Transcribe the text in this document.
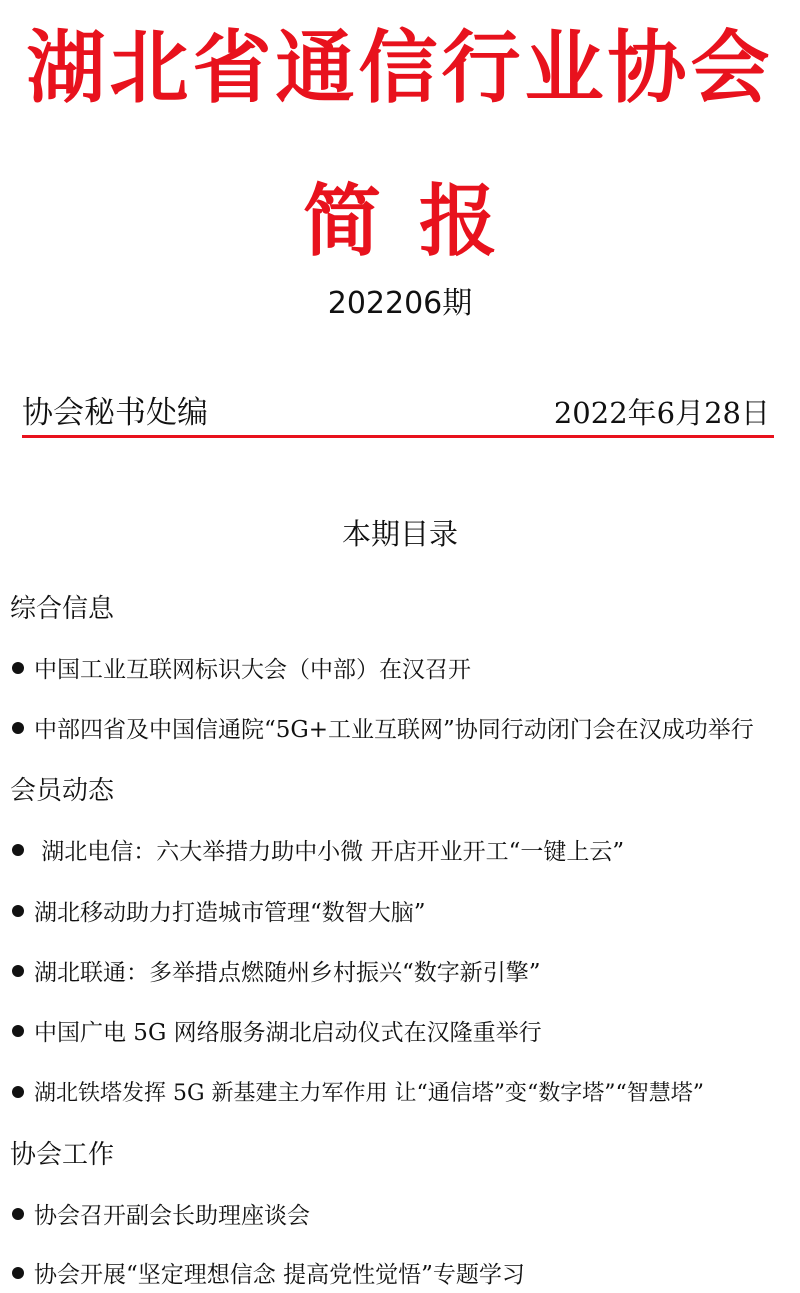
湖北省通信行业协会
简报
202206期
协会秘书处编	2022年6月28日
本期目录
综合信息
中国工业互联网标识大会（中部）在汉召开
中部四省及中国信通院“5G+工业互联网”协同行动闭门会在汉成功举行
会员动态
湖北电信：六大举措力助中小微 开店开业开工“一键上云”
湖北移动助力打造城市管理“数智大脑”
湖北联通：多举措点燃随州乡村振兴“数字新引擎”
中国广电 5G 网络服务湖北启动仪式在汉隆重举行
湖北铁塔发挥 5G 新基建主力军作用 让“通信塔”变“数字塔”“智慧塔”
协会工作
协会召开副会长助理座谈会
协会开展“坚定理想信念 提高党性觉悟”专题学习
